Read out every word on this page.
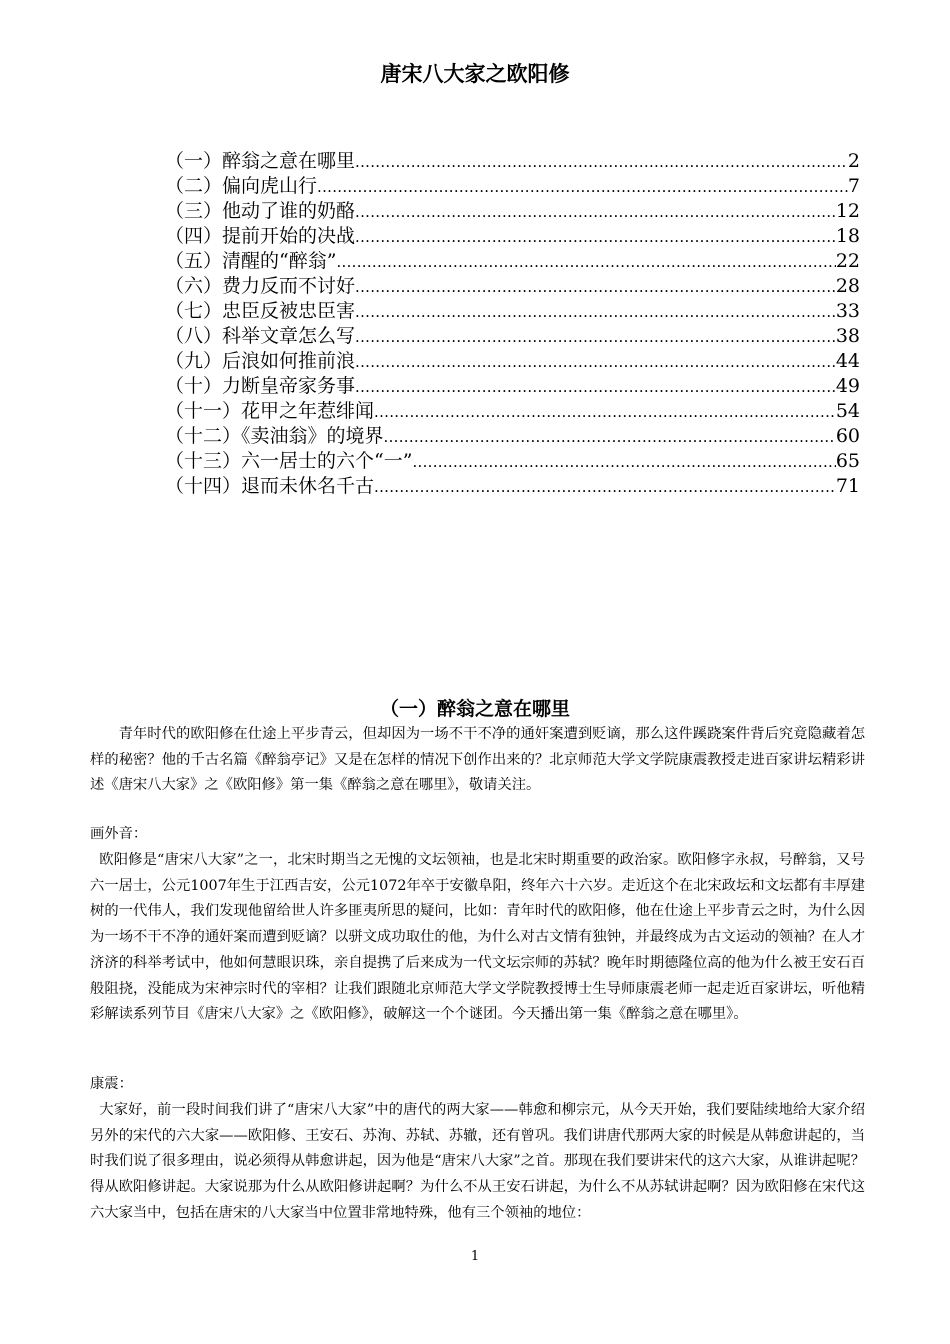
唐宋八大家之欧阳修
（一）醉翁之意在哪里 .....	2
（二）偏向虎山行 .....	7
（三）他动了谁的奶酪 .....	12
（四）提前开始的决战 .....	18
（五）清醒的“醉翁” .....	22
（六）费力反而不讨好 .....	28
（七）忠臣反被忠臣害 .....	33
（八）科举文章怎么写 .....	38
（九）后浪如何推前浪 .....	44
（十）力断皇帝家务事 .....	49
（十一）花甲之年惹绯闻 .....	54
（十二）《卖油翁》的境界 .....	60
（十三）六一居士的六个“一” .....	65
（十四）退而未休名千古 .....	71
（一）醉翁之意在哪里

青年时代的欧阳修在仕途上平步青云，但却因为一场不干不净的通奸案遭到贬谪，那么这件蹊跷案件背后究竟隐藏着怎样的秘密？他的千古名篇《醉翁亭记》又是在怎样的情况下创作出来的？北京师范大学文学院康震教授走进百家讲坛精彩讲述《唐宋八大家》之《欧阳修》第一集《醉翁之意在哪里》，敬请关注。

画外音：

欧阳修是“唐宋八大家”之一，北宋时期当之无愧的文坛领袖，也是北宋时期重要的政治家。欧阳修字永叔，号醉翁，又号六一居士，公元1007年生于江西吉安，公元1072年卒于安徽阜阳，终年六十六岁。走近这个在北宋政坛和文坛都有丰厚建树的一代伟人，我们发现他留给世人许多匪夷所思的疑问，比如：青年时代的欧阳修，他在仕途上平步青云之时，为什么因为一场不干不净的通奸案而遭到贬谪？以骈文成功取仕的他，为什么对古文情有独钟，并最终成为古文运动的领袖？在人才济济的科举考试中，他如何慧眼识珠，亲自提携了后来成为一代文坛宗师的苏轼？晚年时期德隆位高的他为什么被王安石百般阻挠，没能成为宋神宗时代的宰相？让我们跟随北京师范大学文学院教授博士生导师康震老师一起走近百家讲坛，听他精彩解读系列节目《唐宋八大家》之《欧阳修》，破解这一个个谜团。今天播出第一集《醉翁之意在哪里》。

康震：

大家好，前一段时间我们讲了“唐宋八大家”中的唐代的两大家——韩愈和柳宗元，从今天开始，我们要陆续地给大家介绍另外的宋代的六大家——欧阳修、王安石、苏洵、苏轼、苏辙，还有曾巩。我们讲唐代那两大家的时候是从韩愈讲起的，当时我们说了很多理由，说必须得从韩愈讲起，因为他是“唐宋八大家”之首。那现在我们要讲宋代的这六大家，从谁讲起呢？得从欧阳修讲起。大家说那为什么从欧阳修讲起啊？为什么不从王安石讲起，为什么不从苏轼讲起啊？因为欧阳修在宋代这六大家当中，包括在唐宋的八大家当中位置非常地特殊，他有三个领袖的地位：

1
